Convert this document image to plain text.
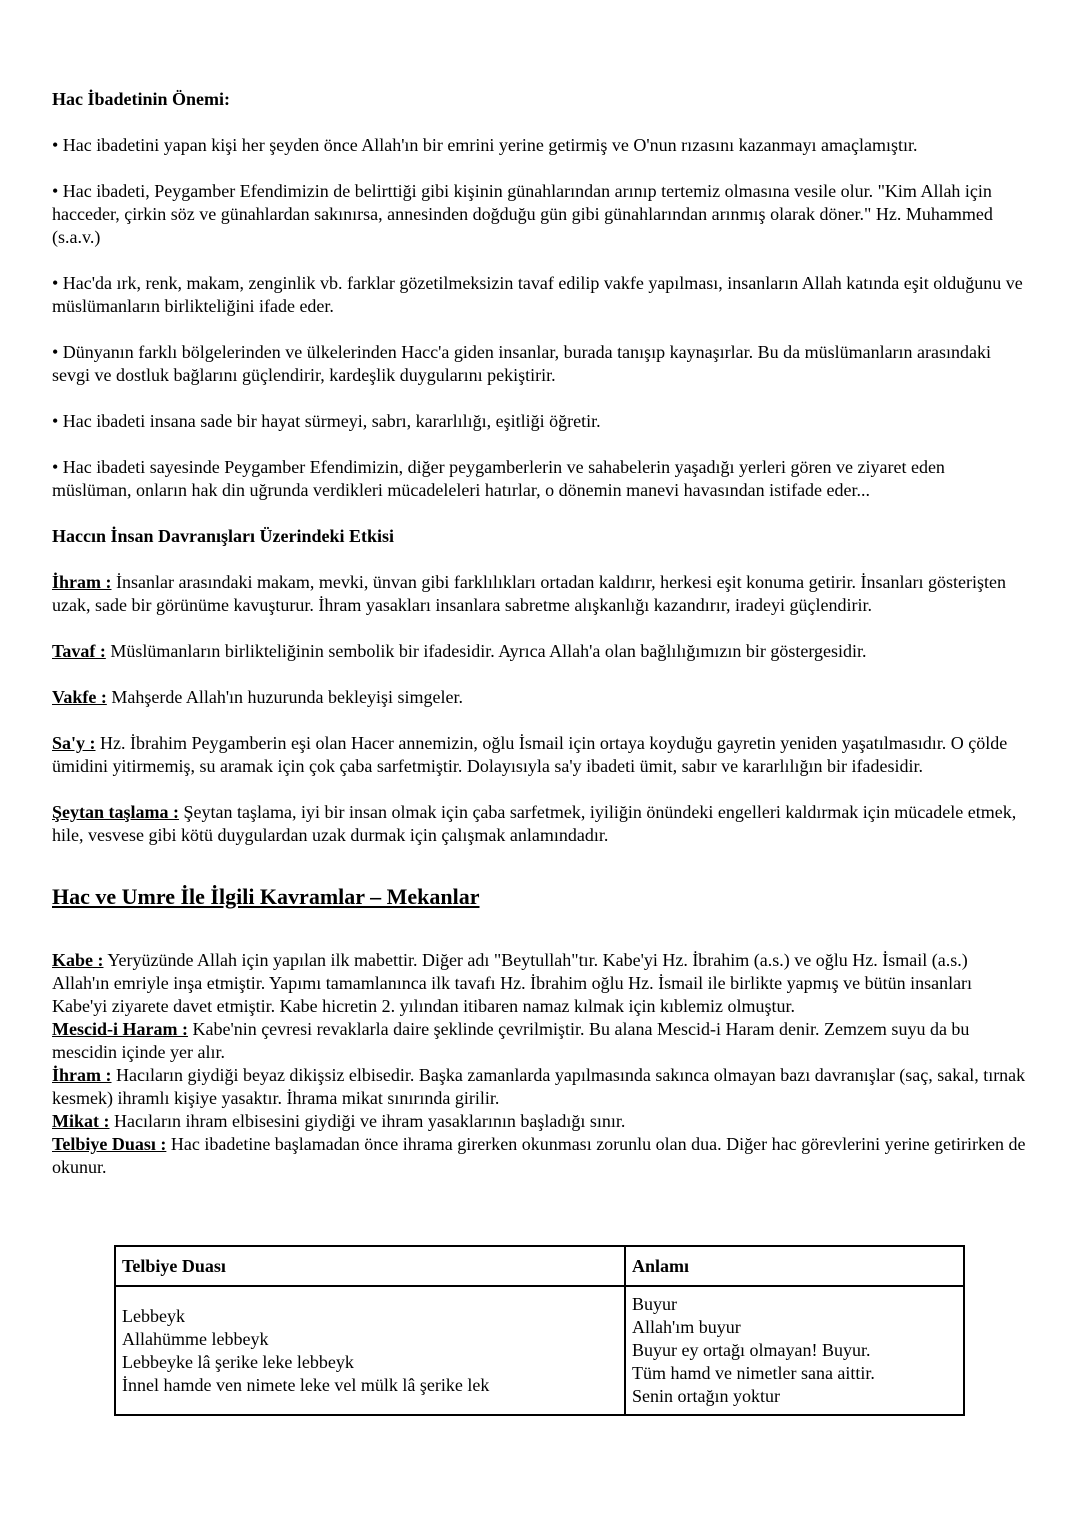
Hac İbadetinin Önemi:

• Hac ibadetini yapan kişi her şeyden önce Allah'ın bir emrini yerine getirmiş ve O'nun rızasını kazanmayı amaçlamıştır.

• Hac ibadeti, Peygamber Efendimizin de belirttiği gibi kişinin günahlarından arınıp tertemiz olmasına vesile olur. "Kim Allah için hacceder, çirkin söz ve günahlardan sakınırsa, annesinden doğduğu gün gibi günahlarından arınmış olarak döner." Hz. Muhammed (s.a.v.)

• Hac'da ırk, renk, makam, zenginlik vb. farklar gözetilmeksizin tavaf edilip vakfe yapılması, insanların Allah katında eşit olduğunu ve müslümanların birlikteliğini ifade eder.

• Dünyanın farklı bölgelerinden ve ülkelerinden Hacc'a giden insanlar, burada tanışıp kaynaşırlar. Bu da müslümanların arasındaki sevgi ve dostluk bağlarını güçlendirir, kardeşlik duygularını pekiştirir.

• Hac ibadeti insana sade bir hayat sürmeyi, sabrı, kararlılığı, eşitliği öğretir.

• Hac ibadeti sayesinde Peygamber Efendimizin, diğer peygamberlerin ve sahabelerin yaşadığı yerleri gören ve ziyaret eden müslüman, onların hak din uğrunda verdikleri mücadeleleri hatırlar, o dönemin manevi havasından istifade eder...

Haccın İnsan Davranışları Üzerindeki Etkisi

İhram : İnsanlar arasındaki makam, mevki, ünvan gibi farklılıkları ortadan kaldırır, herkesi eşit konuma getirir. İnsanları gösterişten uzak, sade bir görünüme kavuşturur. İhram yasakları insanlara sabretme alışkanlığı kazandırır, iradeyi güçlendirir.

Tavaf : Müslümanların birlikteliğinin sembolik bir ifadesidir. Ayrıca Allah'a olan bağlılığımızın bir göstergesidir.

Vakfe : Mahşerde Allah'ın huzurunda bekleyişi simgeler.

Sa'y : Hz. İbrahim Peygamberin eşi olan Hacer annemizin, oğlu İsmail için ortaya koyduğu gayretin yeniden yaşatılmasıdır. O çölde ümidini yitirmemiş, su aramak için çok çaba sarfetmiştir. Dolayısıyla sa'y ibadeti ümit, sabır ve kararlılığın bir ifadesidir.

Şeytan taşlama : Şeytan taşlama, iyi bir insan olmak için çaba sarfetmek, iyiliğin önündeki engelleri kaldırmak için mücadele etmek, hile, vesvese gibi kötü duygulardan uzak durmak için çalışmak anlamındadır.

Hac ve Umre İle İlgili Kavramlar – Mekanlar

Kabe : Yeryüzünde Allah için yapılan ilk mabettir. Diğer adı "Beytullah"tır. Kabe'yi Hz. İbrahim (a.s.) ve oğlu Hz. İsmail (a.s.) Allah'ın emriyle inşa etmiştir. Yapımı tamamlanınca ilk tavafı Hz. İbrahim oğlu Hz. İsmail ile birlikte yapmış ve bütün insanları Kabe'yi ziyarete davet etmiştir. Kabe hicretin 2. yılından itibaren namaz kılmak için kıblemiz olmuştur.

Mescid-i Haram : Kabe'nin çevresi revaklarla daire şeklinde çevrilmiştir. Bu alana Mescid-i Haram denir. Zemzem suyu da bu mescidin içinde yer alır.

İhram : Hacıların giydiği beyaz dikişsiz elbisedir. Başka zamanlarda yapılmasında sakınca olmayan bazı davranışlar (saç, sakal, tırnak kesmek) ihramlı kişiye yasaktır. İhrama mikat sınırında girilir.

Mikat : Hacıların ihram elbisesini giydiği ve ihram yasaklarının başladığı sınır.

Telbiye Duası : Hac ibadetine başlamadan önce ihrama girerken okunması zorunlu olan dua. Diğer hac görevlerini yerine getirirken de okunur.

Telbiye Duası	Anlamı

Lebbeyk
Allahümme lebbeyk
Lebbeyke lâ şerike leke lebbeyk
İnnel hamde ven nimete leke vel mülk lâ şerike lek	Buyur
Allah'ım buyur
Buyur ey ortağı olmayan! Buyur.
Tüm hamd ve nimetler sana aittir.
Senin ortağın yoktur
